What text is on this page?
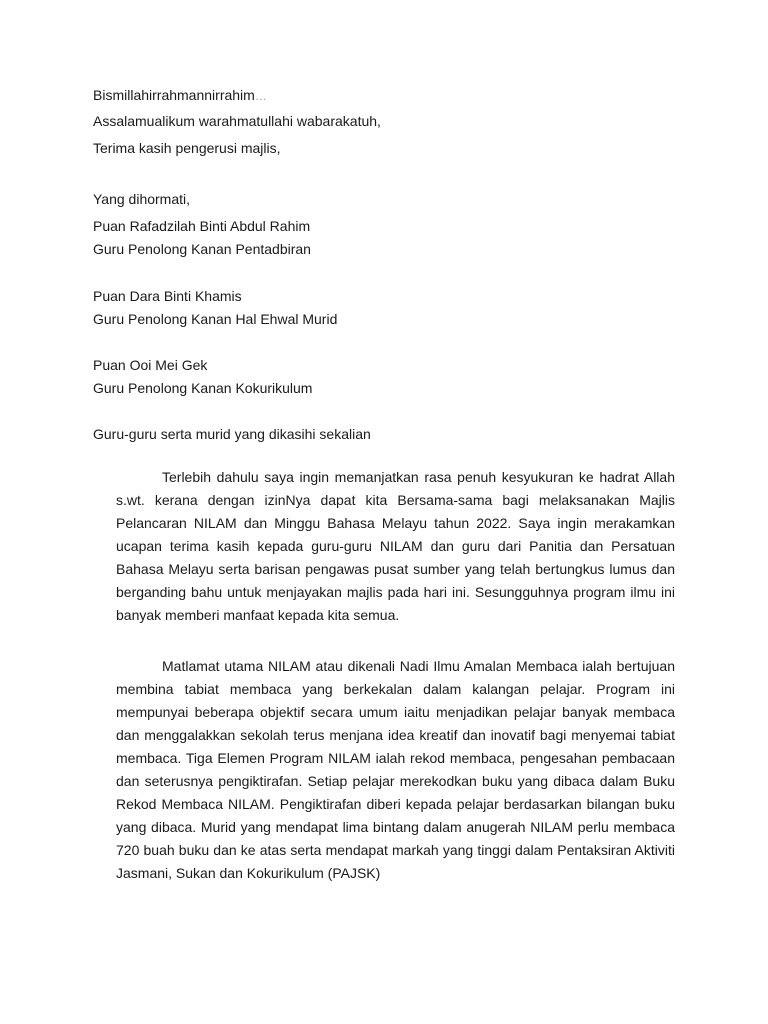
Bismillahirrahmannirrahim…
Assalamualikum warahmatullahi wabarakatuh,
Terima kasih pengerusi majlis,
Yang dihormati,
Puan Rafadzilah Binti Abdul Rahim
Guru Penolong Kanan Pentadbiran
Puan Dara Binti Khamis
Guru Penolong Kanan Hal Ehwal Murid
Puan Ooi Mei Gek
Guru Penolong Kanan Kokurikulum
Guru-guru serta murid yang dikasihi sekalian

Terlebih dahulu saya ingin memanjatkan rasa penuh kesyukuran ke hadrat Allah s.wt. kerana dengan izinNya dapat kita Bersama-sama bagi melaksanakan Majlis Pelancaran NILAM dan Minggu Bahasa Melayu tahun 2022. Saya ingin merakamkan ucapan terima kasih kepada guru-guru NILAM dan guru dari Panitia dan Persatuan Bahasa Melayu serta barisan pengawas pusat sumber yang telah bertungkus lumus dan berganding bahu untuk menjayakan majlis pada hari ini. Sesungguhnya program ilmu ini banyak memberi manfaat kepada kita semua.

Matlamat utama NILAM atau dikenali Nadi Ilmu Amalan Membaca ialah bertujuan membina tabiat membaca yang berkekalan dalam kalangan pelajar. Program ini mempunyai beberapa objektif secara umum iaitu menjadikan pelajar banyak membaca dan menggalakkan sekolah terus menjana idea kreatif dan inovatif bagi menyemai tabiat membaca. Tiga Elemen Program NILAM ialah rekod membaca, pengesahan pembacaan dan seterusnya pengiktirafan. Setiap pelajar merekodkan buku yang dibaca dalam Buku Rekod Membaca NILAM. Pengiktirafan diberi kepada pelajar berdasarkan bilangan buku yang dibaca. Murid yang mendapat lima bintang dalam anugerah NILAM perlu membaca 720 buah buku dan ke atas serta mendapat markah yang tinggi dalam Pentaksiran Aktiviti Jasmani, Sukan dan Kokurikulum (PAJSK)
